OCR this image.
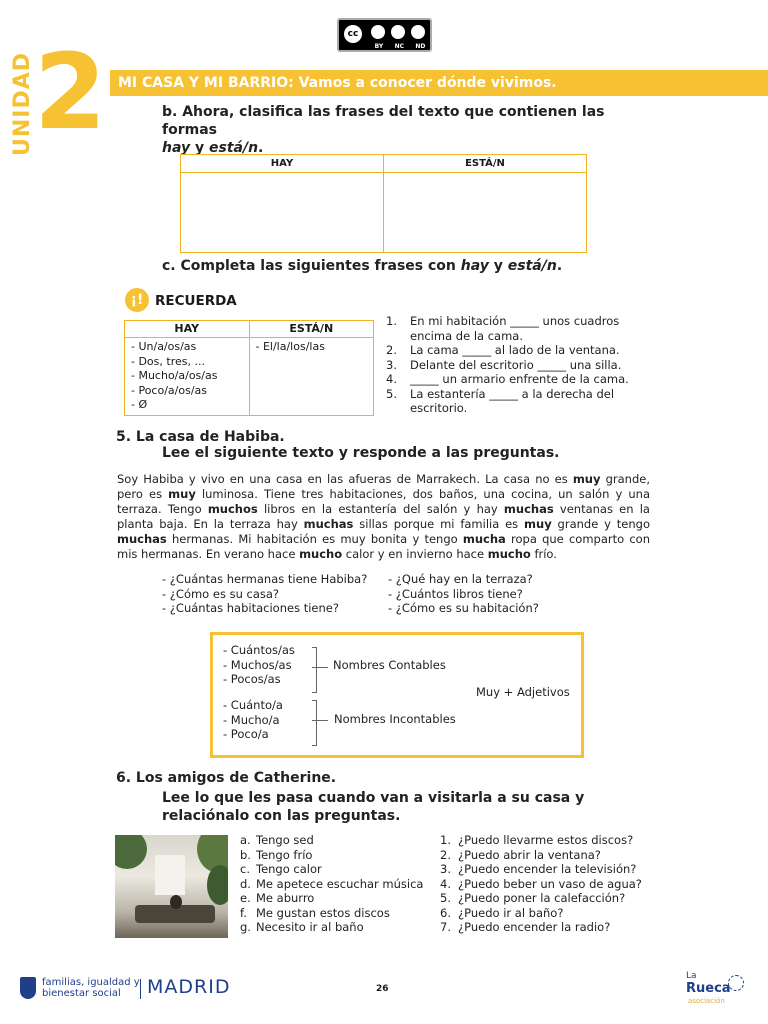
cc
BY NC ND
UNIDAD 2 MI CASA Y MI BARRIO: Vamos a conocer dónde vivimos.
b. Ahora, clasifica las frases del texto que contienen las formas
hay y está/n.
HAY	ESTÁ/N

c. Completa las siguientes frases con hay y está/n.
¡! RECUERDA
HAY	ESTÁ/N

- Un/a/os/as
- Dos, tres, ...
- Mucho/a/os/as
- Poco/a/os/as
- Ø	- El/la/los/las
1. En mi habitación _____ unos cuadros
encima de la cama.
2. La cama _____ al lado de la ventana.
3. Delante del escritorio _____ una silla.
4. _____ un armario enfrente de la cama.
5. La estantería _____ a la derecha del
escritorio.
5. La casa de Habiba.
Lee el siguiente texto y responde a las preguntas.
Soy Habiba y vivo en una casa en las afueras de Marrakech. La casa no es muy grande, pero es muy luminosa. Tiene tres habitaciones, dos baños, una cocina, un salón y una terraza. Tengo muchos libros en la estantería del salón y hay muchas ventanas en la planta baja. En la terraza hay muchas sillas porque mi familia es muy grande y tengo muchas hermanas. Mi habitación es muy bonita y tengo mucha ropa que comparto con mis hermanas. En verano hace mucho calor y en invierno hace mucho frío.
- ¿Cuántas hermanas tiene Habiba?
- ¿Cómo es su casa?
- ¿Cuántas habitaciones tiene?
- ¿Qué hay en la terraza?
- ¿Cuántos libros tiene?
- ¿Cómo es su habitación?
- Cuántos/as
- Muchos/as
- Pocos/as
Nombres Contables
Muy + Adjetivos
- Cuánto/a
- Mucho/a
- Poco/a
Nombres Incontables
6. Los amigos de Catherine.
Lee lo que les pasa cuando van a visitarla a su casa y
relaciónalo con las preguntas.
a. Tengo sed
b. Tengo frío
c. Tengo calor
d. Me apetece escuchar música
e. Me aburro
f. Me gustan estos discos
g. Necesito ir al baño
1. ¿Puedo llevarme estos discos?
2. ¿Puedo abrir la ventana?
3. ¿Puedo encender la televisión?
4. ¿Puedo beber un vaso de agua?
5. ¿Puedo poner la calefacción?
6. ¿Puedo ir al baño?
7. ¿Puedo encender la radio?
familias, igualdad y
bienestar social	MADRID	26
La
Rueca
asociación
